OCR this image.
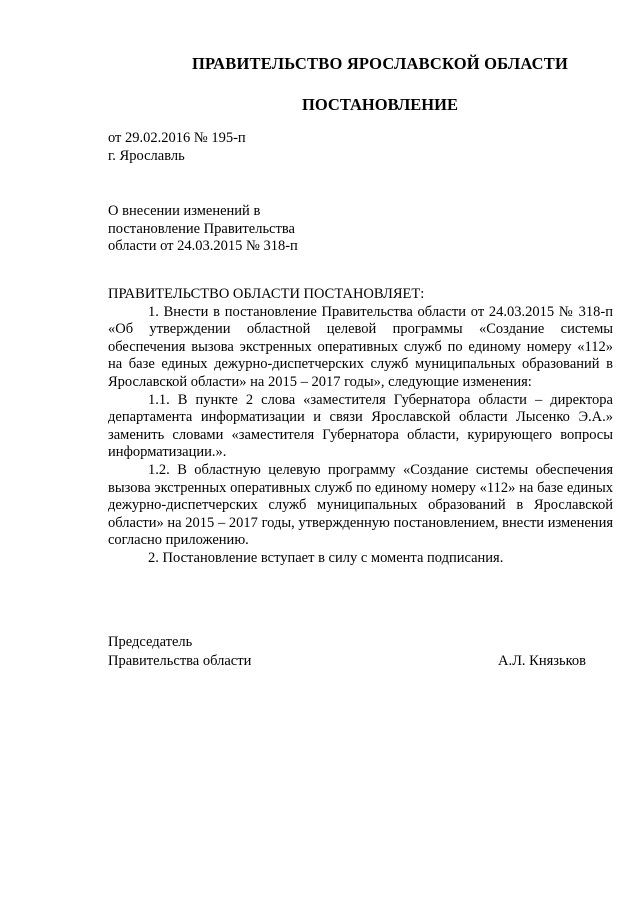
ПРАВИТЕЛЬСТВО ЯРОСЛАВСКОЙ ОБЛАСТИ
ПОСТАНОВЛЕНИЕ
от 29.02.2016 № 195-п
г. Ярославль
О внесении изменений в
постановление Правительства
области от 24.03.2015 № 318-п

ПРАВИТЕЛЬСТВО ОБЛАСТИ ПОСТАНОВЛЯЕТ:

1. Внести в постановление Правительства области от 24.03.2015 № 318-п «Об утверждении областной целевой программы «Создание системы обеспечения вызова экстренных оперативных служб по единому номеру «112» на базе единых дежурно-диспетчерских служб муниципальных образований в Ярославской области» на 2015 – 2017 годы», следующие изменения:

1.1. В пункте 2 слова «заместителя Губернатора области – директора департамента информатизации и связи Ярославской области Лысенко Э.А.» заменить словами «заместителя Губернатора области, курирующего вопросы информатизации.».

1.2. В областную целевую программу «Создание системы обеспечения вызова экстренных оперативных служб по единому номеру «112» на базе единых дежурно-диспетчерских служб муниципальных образований в Ярославской области» на 2015 – 2017 годы, утвержденную постановлением, внести изменения согласно приложению.

2. Постановление вступает в силу с момента подписания.

Председатель
Правительства области	А.Л. Князьков
